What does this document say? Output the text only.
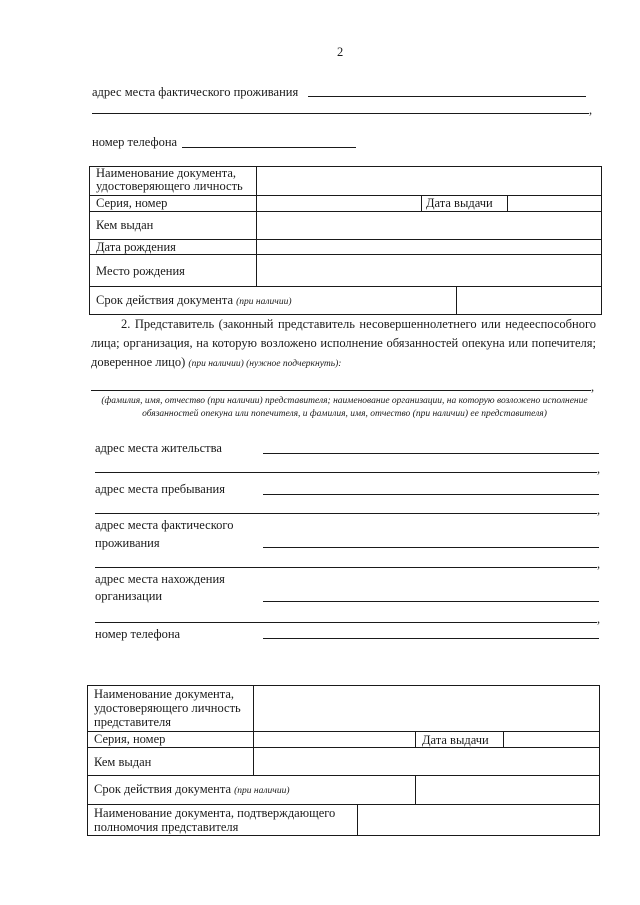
2
адрес места фактического проживания
,
номер телефона
Наименование документа, удостоверяющего личность
Серия, номер	Дата выдачи
Кем выдан
Дата рождения
Место рождения
Срок действия документа (при наличии)
2. Представитель (законный представитель несовершеннолетнего или недееспособного лица; организация, на которую возложено исполнение обязанностей опекуна или попечителя; доверенное лицо) (при наличии) (нужное подчеркнуть):
,
(фамилия, имя, отчество (при наличии) представителя; наименование организации, на которую возложено исполнение обязанностей опекуна или попечителя, и фамилия, имя, отчество (при наличии) ее представителя)
адрес места жительства
,
адрес места пребывания
,
адрес места фактического
проживания
,
адрес места нахождения
организации
,
номер телефона
Наименование документа, удостоверяющего личность представителя
Серия, номер	Дата выдачи
Кем выдан
Срок действия документа (при наличии)
Наименование документа, подтверждающего полномочия представителя
